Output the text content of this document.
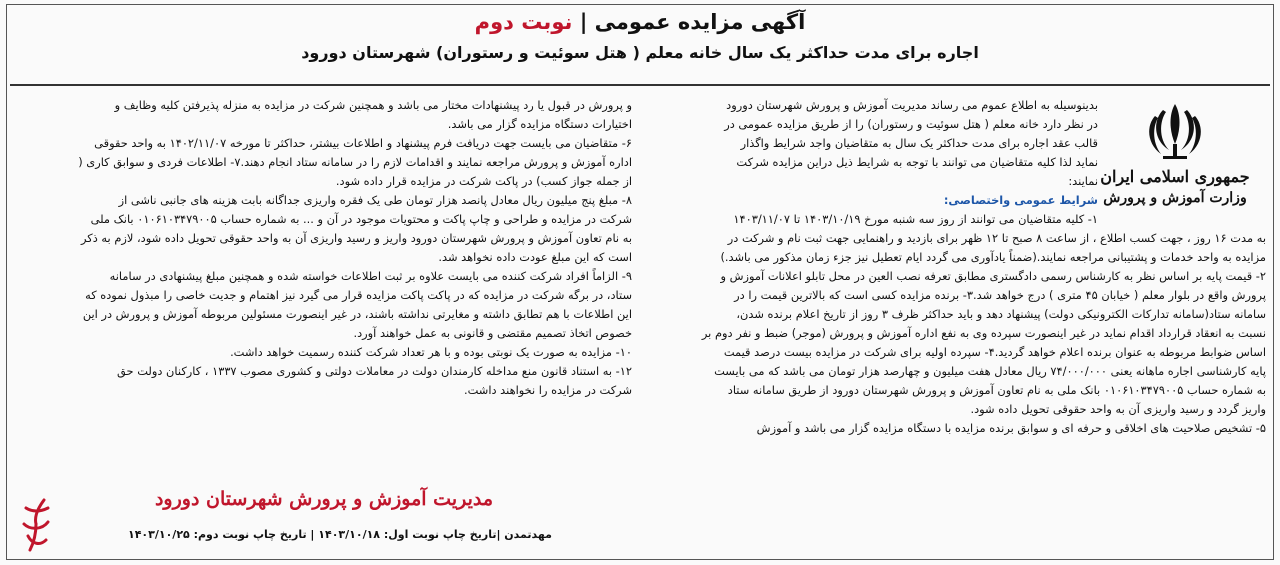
آگهی مزایده عمومی | نوبت دوم
اجاره برای مدت حداکثر یک سال خانه معلم ( هتل سوئیت و رستوران) شهرستان دورود
جمهوری اسلامی ایران
وزارت آموزش و پرورش

بدینوسیله به اطلاع عموم می رساند مدیریت آموزش و پرورش شهرستان دورود

در نظر دارد خانه معلم ( هتل سوئیت و رستوران) را از طریق مزایده عمومی در

قالب عقد اجاره برای مدت حداکثر یک سال به متقاضیان واجد شرایط واگذار

نماید لذا کلیه متقاضیان می توانند با توجه به شرایط ذیل دراین مزایده شرکت

نمایند:

شرایط عمومی واختصاصی:

۱- کلیه متقاضیان می توانند از روز سه شنبه مورخ ۱۴۰۳/۱۰/۱۹ تا ۱۴۰۳/۱۱/۰۷

به مدت ۱۶ روز ، جهت کسب اطلاع ، از ساعت ۸ صبح تا ۱۲ ظهر برای بازدید و راهنمایی جهت ثبت نام و شرکت در

مزایده به واحد خدمات و پشتیبانی مراجعه نمایند.(ضمناً یادآوری می گردد ایام تعطیل نیز جزء زمان مذکور می باشد.)

۲- قیمت پایه بر اساس نظر به کارشناس رسمی دادگستری مطابق تعرفه نصب العین در محل تابلو اعلانات آموزش و

پرورش واقع در بلوار معلم ( خیابان ۴۵ متری ) درج خواهد شد.۳- برنده مزایده کسی است که بالاترین قیمت را در

سامانه ستاد(سامانه تدارکات الکترونیکی دولت) پیشنهاد دهد و باید حداکثر ظرف ۳ روز از تاریخ اعلام برنده شدن،

نسبت به انعقاد قرارداد اقدام نماید در غیر اینصورت سپرده وی به نفع اداره آموزش و پرورش (موجر) ضبط و نفر دوم بر

اساس ضوابط مربوطه به عنوان برنده اعلام خواهد گردید.۴- سپرده اولیه برای شرکت در مزایده بیست درصد قیمت

پایه کارشناسی اجاره ماهانه یعنی ۷۴/۰۰۰/۰۰۰ ریال معادل هفت میلیون و چهارصد هزار تومان می باشد که می بایست

به شماره حساب ۰۱۰۶۱۰۳۴۷۹۰۰۵ بانک ملی به نام تعاون آموزش و پرورش شهرستان دورود از طریق سامانه ستاد

واریز گردد و رسید واریزی آن به واحد حقوقی تحویل داده شود.

۵- تشخیص صلاحیت های اخلاقی و حرفه ای و سوابق برنده مزایده با دستگاه مزایده گزار می باشد و آموزش

و پرورش در قبول یا رد پیشنهادات مختار می باشد و همچنین شرکت در مزایده به منزله پذیرفتن کلیه وظایف و

اختیارات دستگاه مزایده گزار می باشد.

۶- متقاضیان می بایست جهت دریافت فرم پیشنهاد و اطلاعات بیشتر، حداکثر تا مورخه ۱۴۰۲/۱۱/۰۷ به واحد حقوقی

اداره آموزش و پرورش مراجعه نمایند و اقدامات لازم را در سامانه ستاد انجام دهند.۷- اطلاعات فردی و سوابق کاری (

از جمله جواز کسب) در پاکت شرکت در مزایده قرار داده شود.

۸- مبلغ پنج میلیون ریال معادل پانصد هزار تومان طی یک فقره واریزی جداگانه بابت هزینه های جانبی ناشی از

شرکت در مزایده و طراحی و چاپ پاکت و محتویات موجود در آن و ... به شماره حساب ۰۱۰۶۱۰۳۴۷۹۰۰۵ بانک ملی

به نام تعاون آموزش و پرورش شهرستان دورود واریز و رسید واریزی آن به واحد حقوقی تحویل داده شود، لازم به ذکر

است که این مبلغ عودت داده نخواهد شد.

۹- الزاماً افراد شرکت کننده می بایست علاوه بر ثبت اطلاعات خواسته شده و همچنین مبلغ پیشنهادی در سامانه

ستاد، در برگه شرکت در مزایده که در پاکت پاکت مزایده قرار می گیرد نیز اهتمام و جدیت خاصی را مبذول نموده که

این اطلاعات با هم تطابق داشته و مغایرتی نداشته باشند، در غیر اینصورت مسئولین مربوطه آموزش و پرورش در این

خصوص اتخاذ تصمیم مقتضی و قانونی به عمل خواهند آورد.

۱۰- مزایده به صورت یک نوبتی بوده و با هر تعداد شرکت کننده رسمیت خواهد داشت.

۱۲- به استناد قانون منع مداخله کارمندان دولت در معاملات دولتی و کشوری مصوب ۱۳۳۷ ، کارکنان دولت حق

شرکت در مزایده را نخواهند داشت.

مدیریت آموزش و پرورش شهرستان دورود
مهدتمدن |تاریخ چاپ نوبت اول: ۱۴۰۳/۱۰/۱۸ | تاریخ چاپ نوبت دوم: ۱۴۰۳/۱۰/۲۵
